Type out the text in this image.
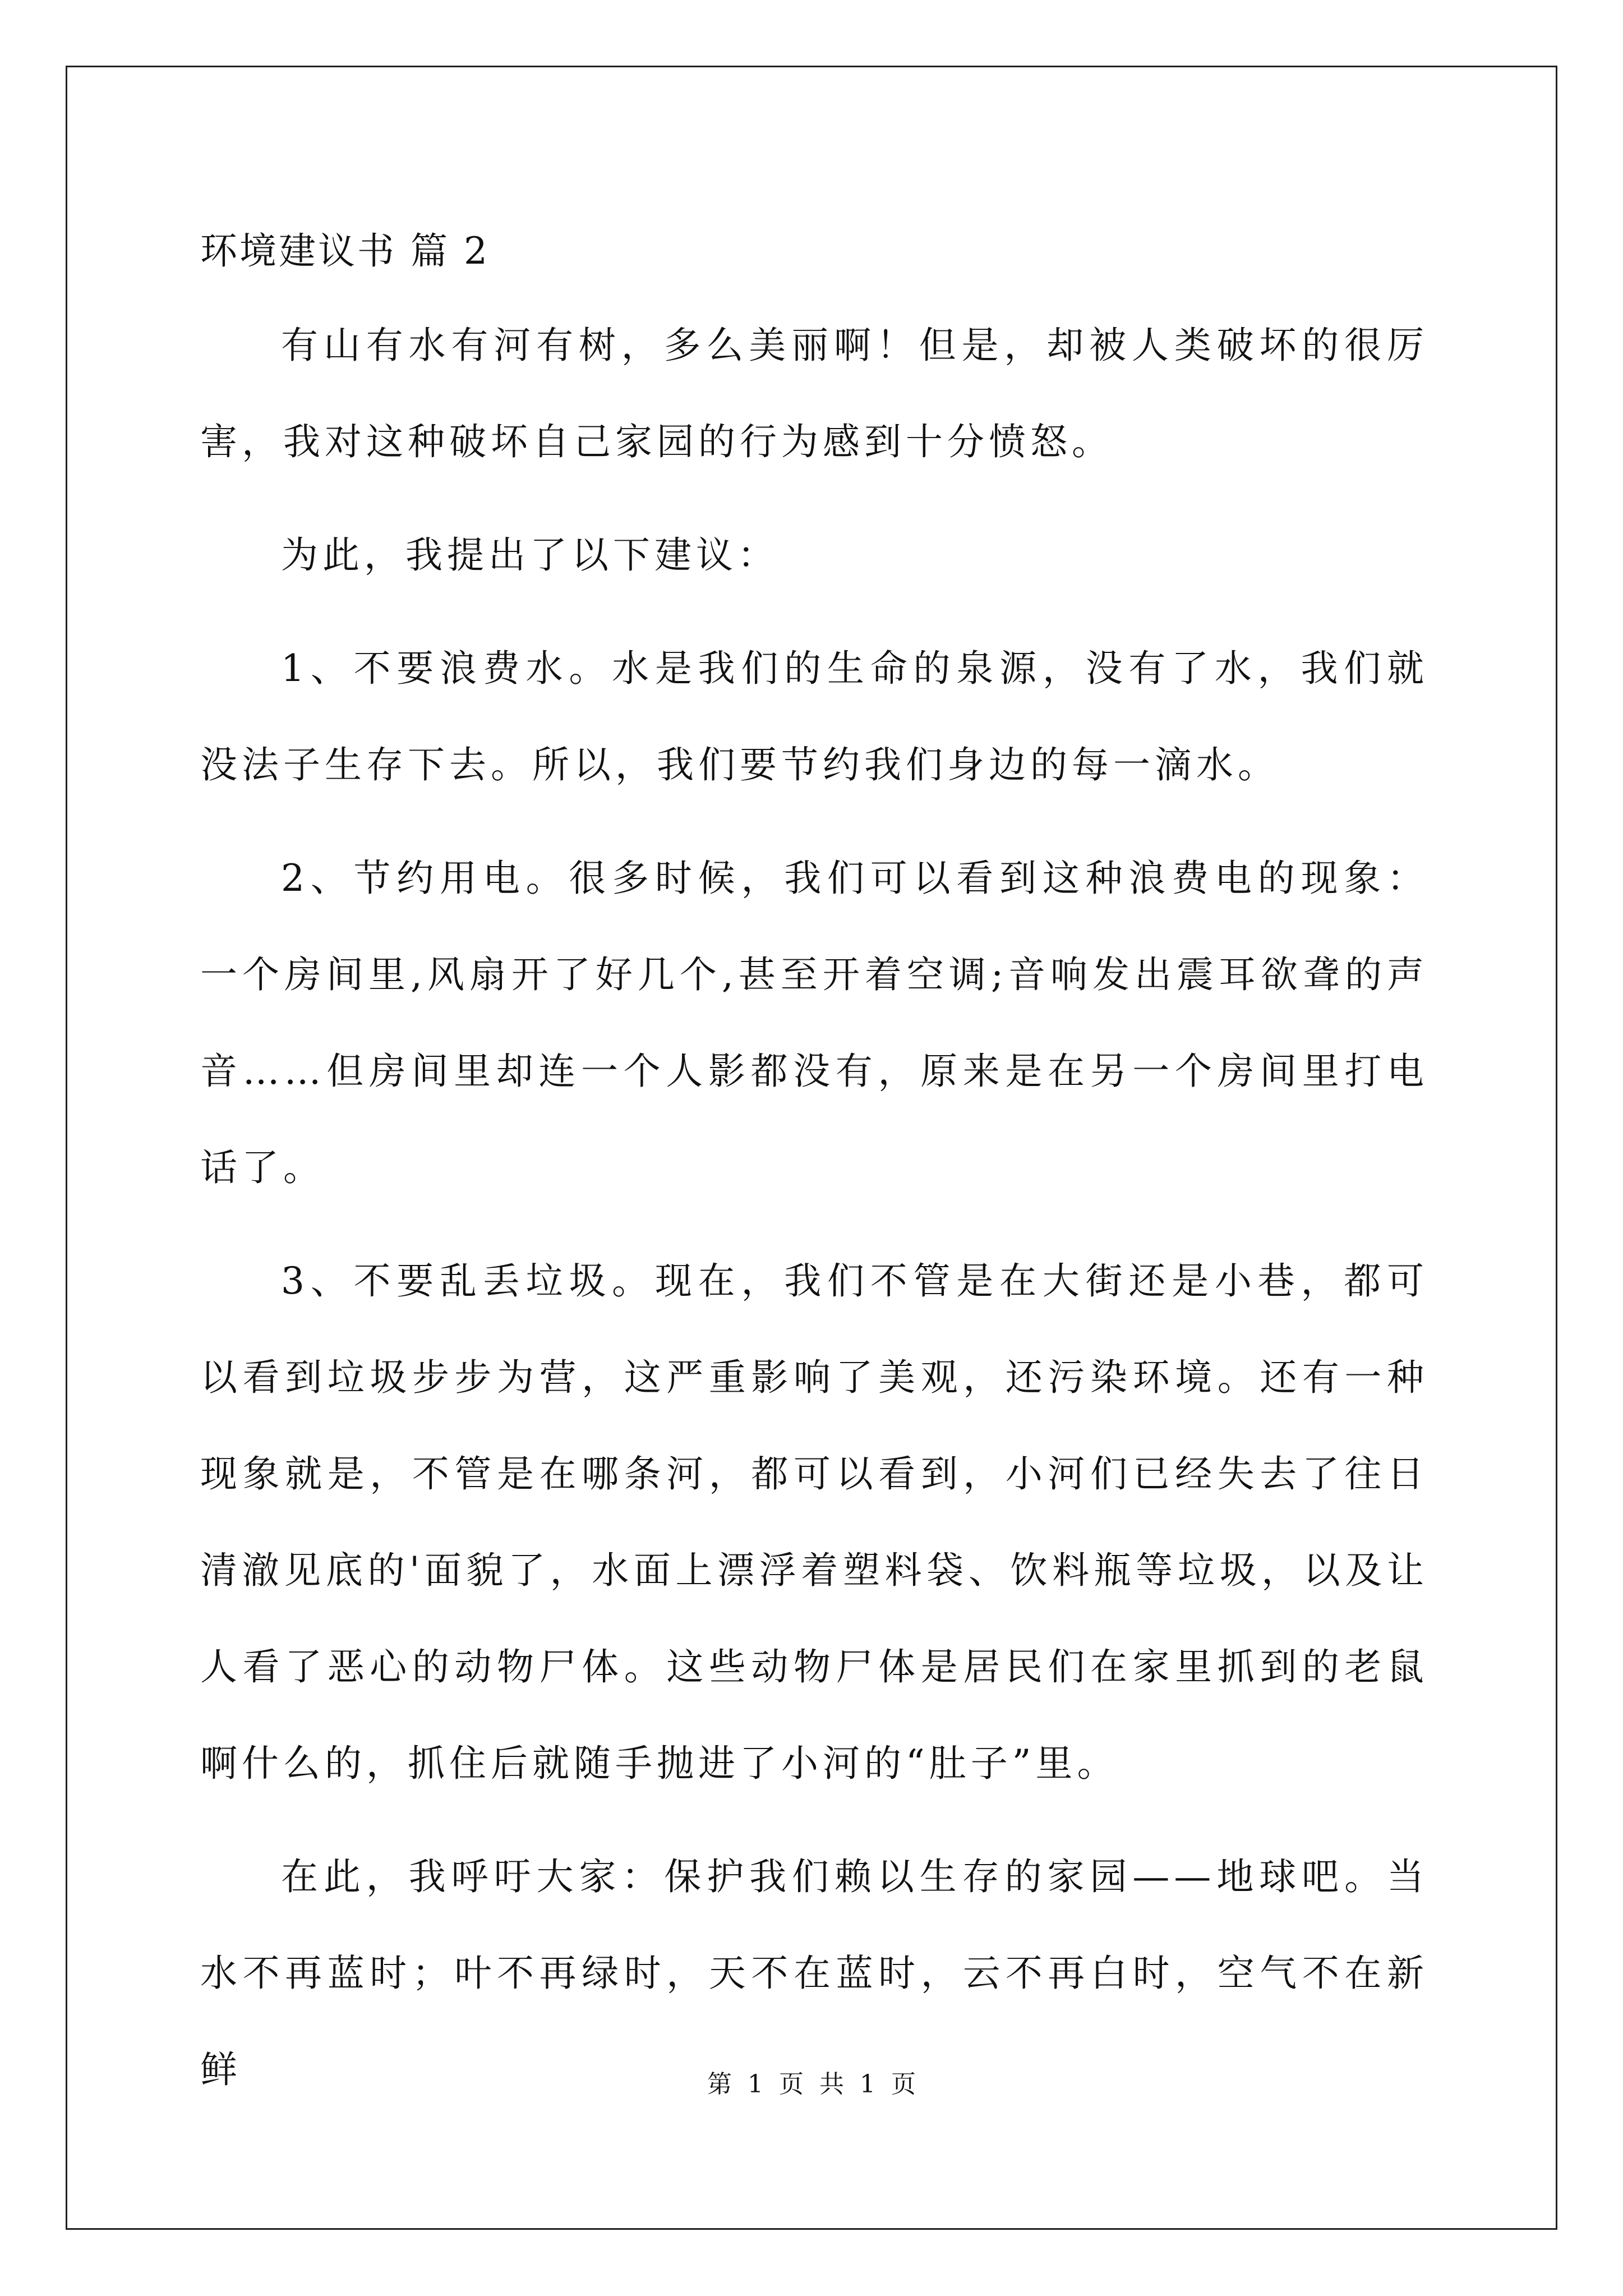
环境建议书 篇 2

有山有水有河有树，多么美丽啊！但是，却被人类破坏的很厉害，我对这种破坏自己家园的行为感到十分愤怒。

为此，我提出了以下建议：

1、不要浪费水。水是我们的生命的泉源，没有了水，我们就没法子生存下去。所以，我们要节约我们身边的每一滴水。

2、节约用电。很多时候，我们可以看到这种浪费电的现象：一个房间里,风扇开了好几个,甚至开着空调;音响发出震耳欲聋的声音……但房间里却连一个人影都没有，原来是在另一个房间里打电话了。

3、不要乱丢垃圾。现在，我们不管是在大街还是小巷，都可以看到垃圾步步为营，这严重影响了美观，还污染环境。还有一种现象就是，不管是在哪条河，都可以看到，小河们已经失去了往日清澈见底的'面貌了，水面上漂浮着塑料袋、饮料瓶等垃圾，以及让人看了恶心的动物尸体。这些动物尸体是居民们在家里抓到的老鼠啊什么的，抓住后就随手抛进了小河的“肚子”里。

在此，我呼吁大家：保护我们赖以生存的家园——地球吧。当水不再蓝时；叶不再绿时，天不在蓝时，云不再白时，空气不在新鲜	第 1 页 共 1 页
